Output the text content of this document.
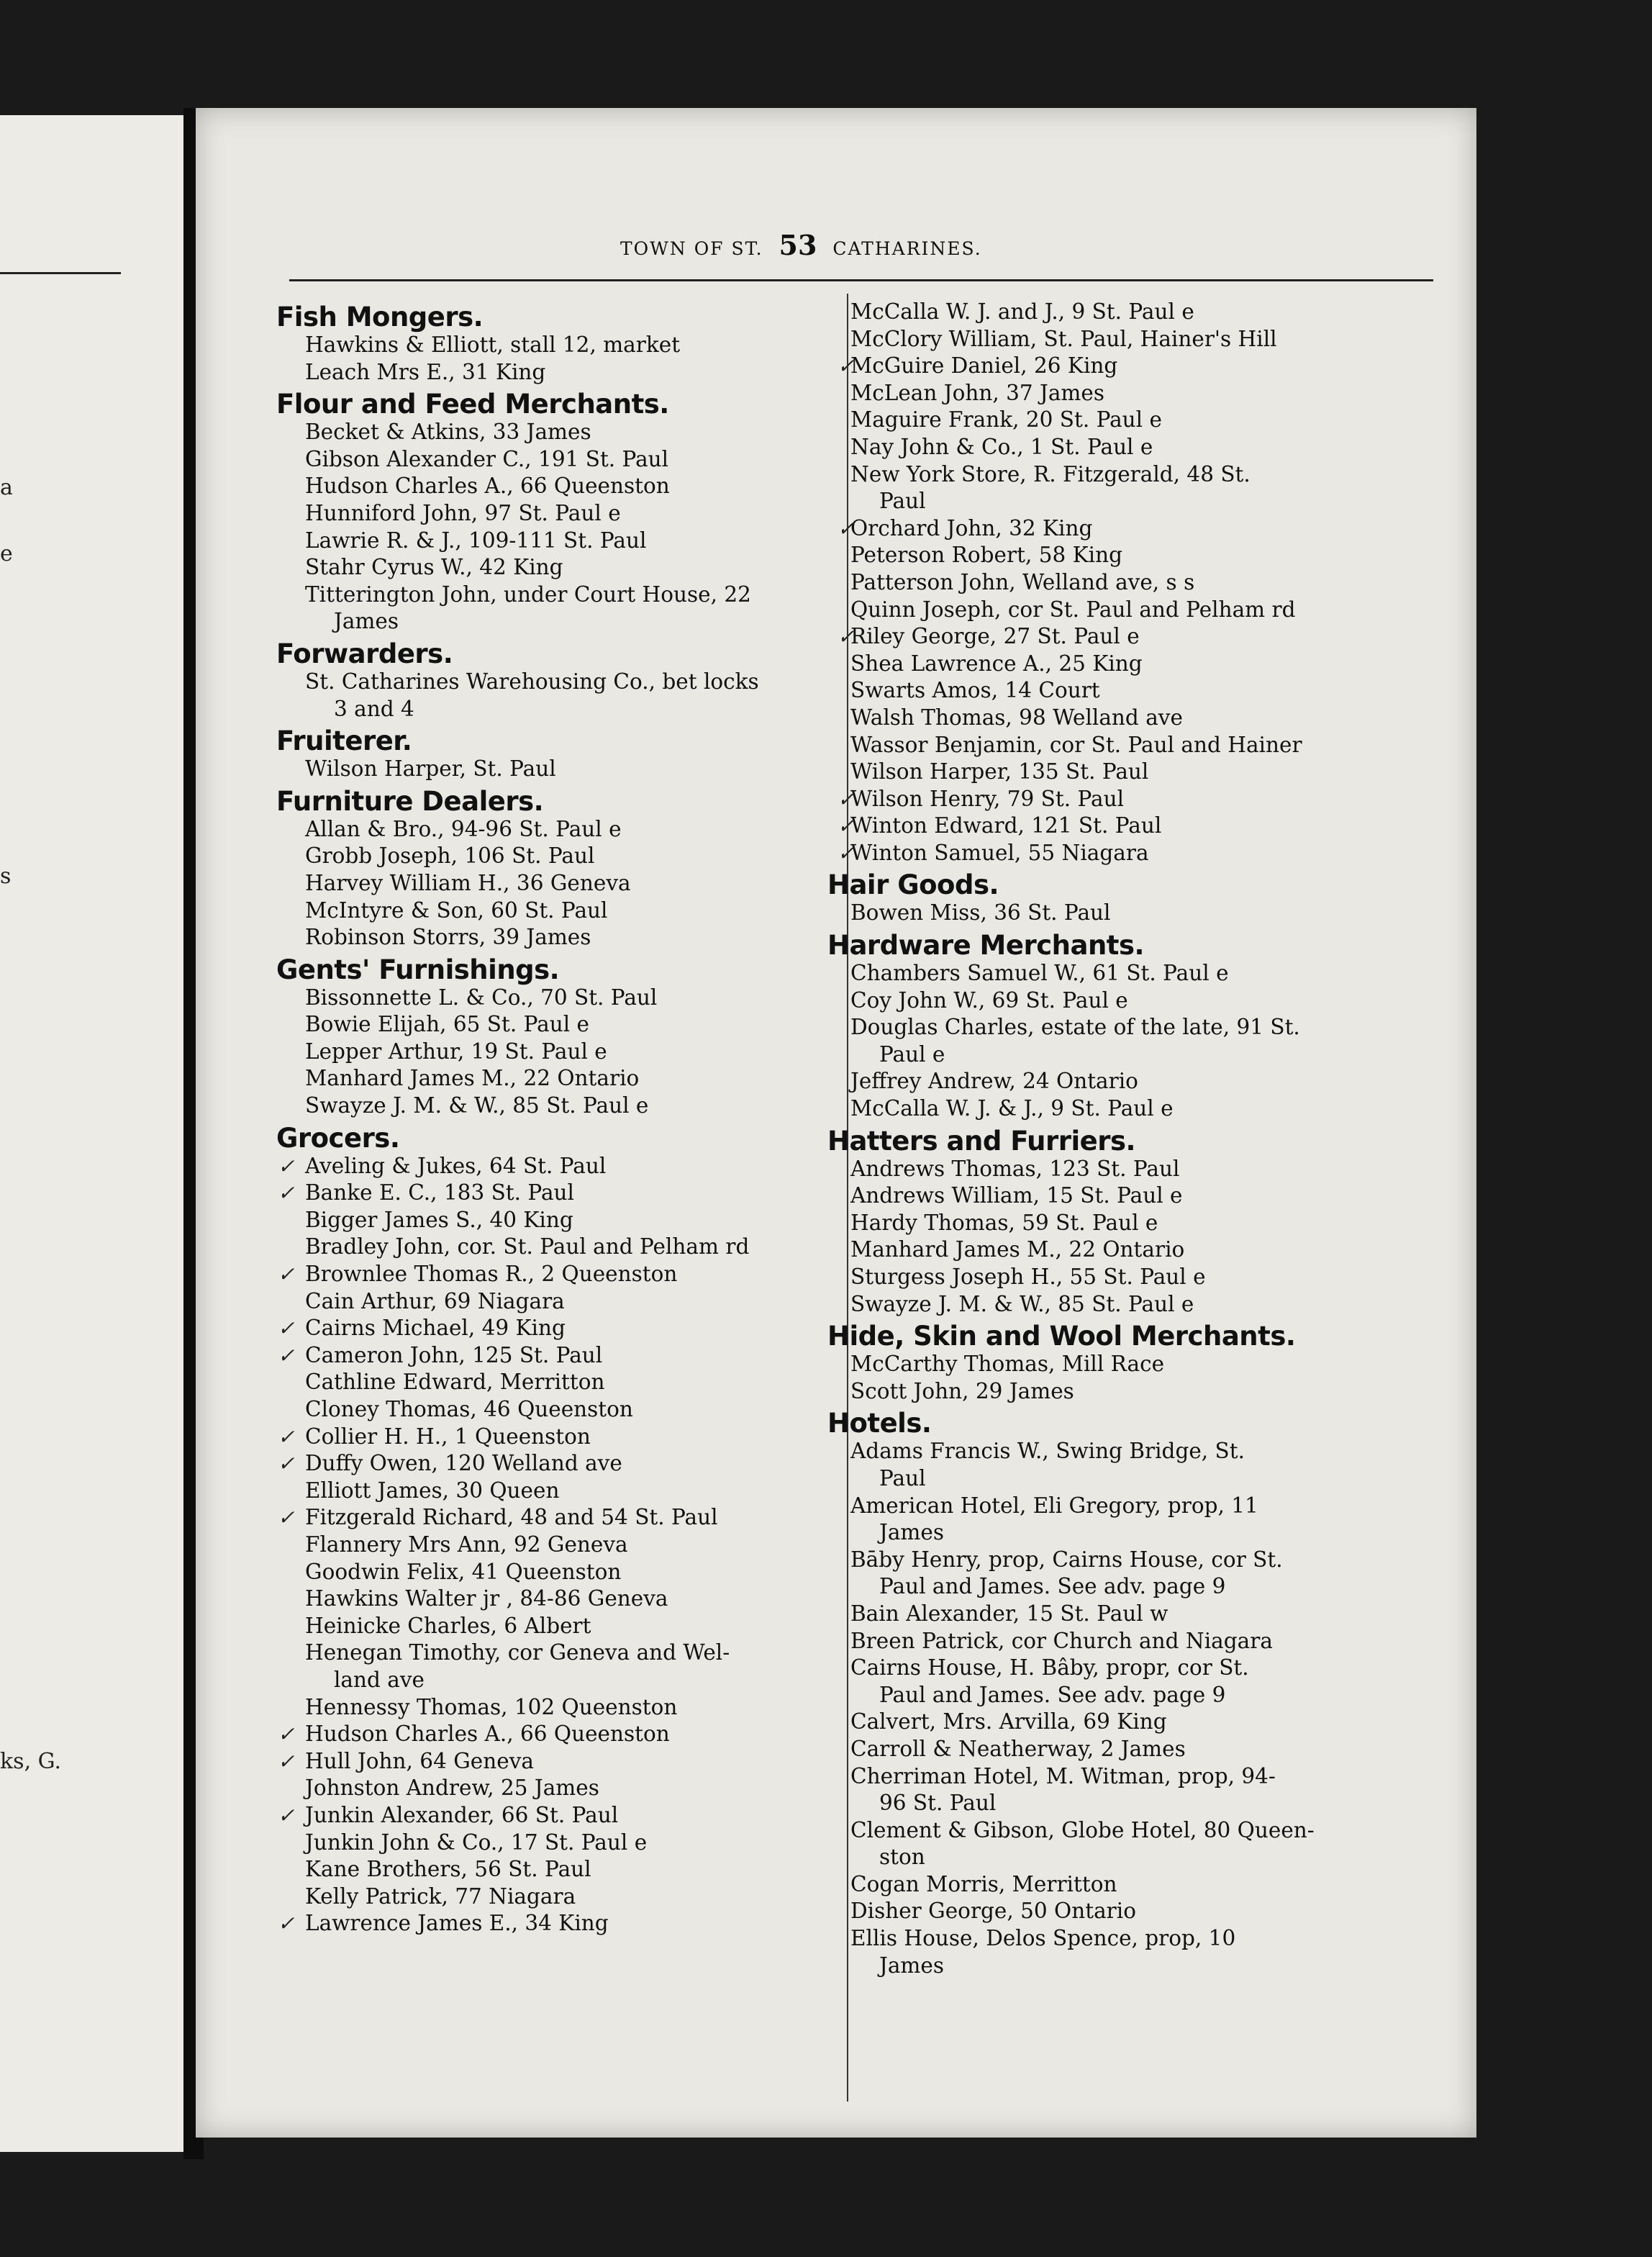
a
e
s
ks, G.
TOWN OF ST. 53 CATHARINES.
Fish Mongers.
Hawkins & Elliott, stall 12, market
Leach Mrs E., 31 King
Flour and Feed Merchants.
Becket & Atkins, 33 James
Gibson Alexander C., 191 St. Paul
Hudson Charles A., 66 Queenston
Hunniford John, 97 St. Paul e
Lawrie R. & J., 109-111 St. Paul
Stahr Cyrus W., 42 King
Titterington John, under Court House, 22
James
Forwarders.
St. Catharines Warehousing Co., bet locks
3 and 4
Fruiterer.
Wilson Harper, St. Paul
Furniture Dealers.
Allan & Bro., 94-96 St. Paul e
Grobb Joseph, 106 St. Paul
Harvey William H., 36 Geneva
McIntyre & Son, 60 St. Paul
Robinson Storrs, 39 James
Gents' Furnishings.
Bissonnette L. & Co., 70 St. Paul
Bowie Elijah, 65 St. Paul e
Lepper Arthur, 19 St. Paul e
Manhard James M., 22 Ontario
Swayze J. M. & W., 85 St. Paul e
Grocers.
✓ Aveling & Jukes, 64 St. Paul
✓ Banke E. C., 183 St. Paul
Bigger James S., 40 King
Bradley John, cor. St. Paul and Pelham rd
✓ Brownlee Thomas R., 2 Queenston
Cain Arthur, 69 Niagara
✓ Cairns Michael, 49 King
✓ Cameron John, 125 St. Paul
Cathline Edward, Merritton
Cloney Thomas, 46 Queenston
✓ Collier H. H., 1 Queenston
✓ Duffy Owen, 120 Welland ave
Elliott James, 30 Queen
✓ Fitzgerald Richard, 48 and 54 St. Paul
Flannery Mrs Ann, 92 Geneva
Goodwin Felix, 41 Queenston
Hawkins Walter jr , 84-86 Geneva
Heinicke Charles, 6 Albert
Henegan Timothy, cor Geneva and Wel-
land ave
Hennessy Thomas, 102 Queenston
✓ Hudson Charles A., 66 Queenston
✓ Hull John, 64 Geneva
Johnston Andrew, 25 James
✓ Junkin Alexander, 66 St. Paul
Junkin John & Co., 17 St. Paul e
Kane Brothers, 56 St. Paul
Kelly Patrick, 77 Niagara
✓ Lawrence James E., 34 King
McCalla W. J. and J., 9 St. Paul e
McClory William, St. Paul, Hainer's Hill
✓
McGuire Daniel, 26 King
McLean John, 37 James
Maguire Frank, 20 St. Paul e
Nay John & Co., 1 St. Paul e
New York Store, R. Fitzgerald, 48 St.
Paul
✓
Orchard John, 32 King
Peterson Robert, 58 King
Patterson John, Welland ave, s s
Quinn Joseph, cor St. Paul and Pelham rd
✓
Riley George, 27 St. Paul e
Shea Lawrence A., 25 King
Swarts Amos, 14 Court
Walsh Thomas, 98 Welland ave
Wassor Benjamin, cor St. Paul and Hainer
Wilson Harper, 135 St. Paul
✓
Wilson Henry, 79 St. Paul
✓
Winton Edward, 121 St. Paul
✓
Winton Samuel, 55 Niagara
Hair Goods.
Bowen Miss, 36 St. Paul
Hardware Merchants.
Chambers Samuel W., 61 St. Paul e
Coy John W., 69 St. Paul e
Douglas Charles, estate of the late, 91 St.
Paul e
Jeffrey Andrew, 24 Ontario
McCalla W. J. & J., 9 St. Paul e
Hatters and Furriers.
Andrews Thomas, 123 St. Paul
Andrews William, 15 St. Paul e
Hardy Thomas, 59 St. Paul e
Manhard James M., 22 Ontario
Sturgess Joseph H., 55 St. Paul e
Swayze J. M. & W., 85 St. Paul e
Hide, Skin and Wool Merchants.
McCarthy Thomas, Mill Race
Scott John, 29 James
Hotels.
Adams Francis W., Swing Bridge, St.
Paul
American Hotel, Eli Gregory, prop, 11
James
Bāby Henry, prop, Cairns House, cor St.
Paul and James. See adv. page 9
Bain Alexander, 15 St. Paul w
Breen Patrick, cor Church and Niagara
Cairns House, H. Bâby, propr, cor St.
Paul and James. See adv. page 9
Calvert, Mrs. Arvilla, 69 King
Carroll & Neatherway, 2 James
Cherriman Hotel, M. Witman, prop, 94-
96 St. Paul
Clement & Gibson, Globe Hotel, 80 Queen-
ston
Cogan Morris, Merritton
Disher George, 50 Ontario
Ellis House, Delos Spence, prop, 10
James
